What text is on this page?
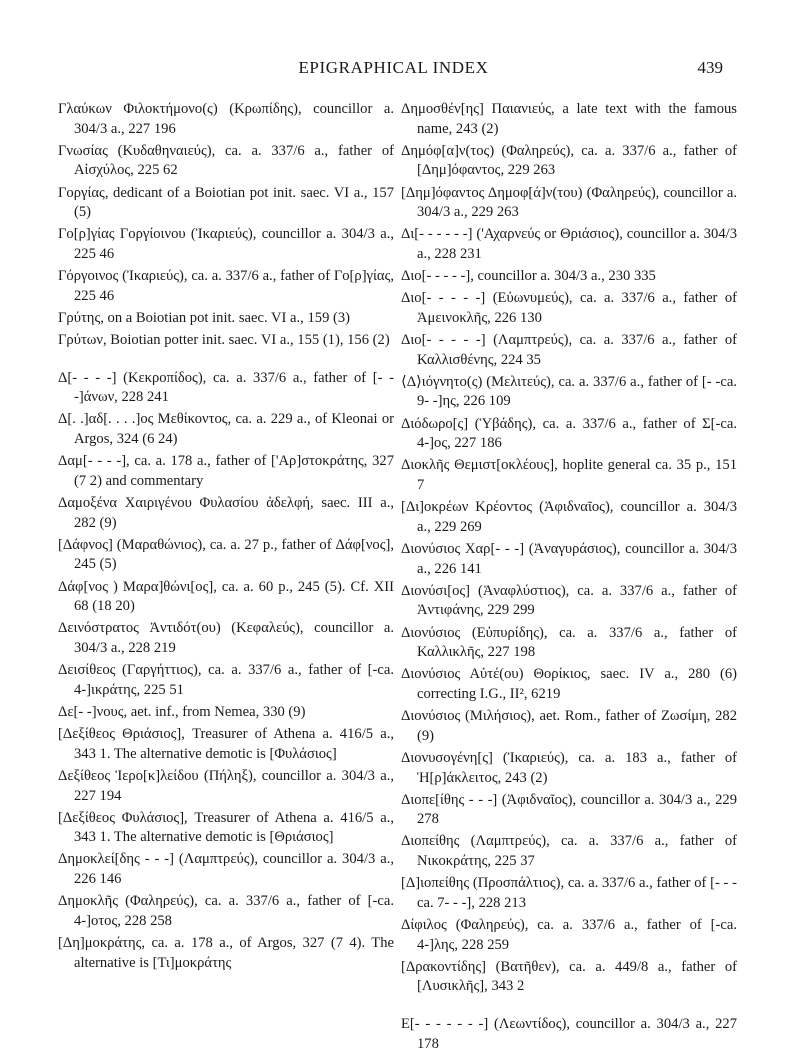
EPIGRAPHICAL INDEX	439

Γλαύκων Φιλοκτήμονο(ς) (Κρωπίδης), councillor a. 304/3 a., 227 196

Γνωσίας (Κυδαθηναιεύς), ca. a. 337/6 a., father of Αἰσχύλος, 225 62

Γοργίας, dedicant of a Boiotian pot init. saec. VI a., 157 (5)

Γο[ρ]γίας Γοργίοινου (Ἰκαριεύς), councillor a. 304/3 a., 225 46

Γόργοινος (Ἰκαριεύς), ca. a. 337/6 a., father of Γο[ρ]γίας, 225 46

Γρύτης, on a Boiotian pot init. saec. VI a., 159 (3)

Γρύτων, Boiotian potter init. saec. VI a., 155 (1), 156 (2)

Δ[- - - -] (Κεκροπίδος), ca. a. 337/6 a., father of [- - -]άνων, 228 241

Δ[. .]αδ[. . . .]ος Μεθίκοντος, ca. a. 229 a., of Kleonai or Argos, 324 (6 24)

Δαμ[- - - -], ca. a. 178 a., father of ['Αρ]στοκράτης, 327 (7 2) and commentary

Δαμοξένα Χαιριγένου Φυλασίου ἀδελφή, saec. III a., 282 (9)

[Δάφνος] (Μαραθώνιος), ca. a. 27 p., father of Δάφ[νος], 245 (5)

Δάφ[νος ) Μαρα]θώνι[ος], ca. a. 60 p., 245 (5). Cf. XII 68 (18 20)

Δεινόστρατος Ἀντιδότ(ου) (Κεφαλεύς), councillor a. 304/3 a., 228 219

Δεισίθεος (Γαργήττιος), ca. a. 337/6 a., father of [-ca. 4-]ικράτης, 225 51

Δε[- -]νους, aet. inf., from Nemea, 330 (9)

[Δεξίθεος Θριάσιος], Treasurer of Athena a. 416/5 a., 343 1. The alternative demotic is [Φυλάσιος]

Δεξίθεος Ἱερο[κ]λείδου (Πήληξ), councillor a. 304/3 a., 227 194

[Δεξίθεος Φυλάσιος], Treasurer of Athena a. 416/5 a., 343 1. The alternative demotic is [Θριάσιος]

Δημοκλεί[δης - - -] (Λαμπτρεύς), councillor a. 304/3 a., 226 146

Δημοκλῆς (Φαληρεύς), ca. a. 337/6 a., father of [-ca. 4-]οτος, 228 258

[Δη]μοκράτης, ca. a. 178 a., of Argos, 327 (7 4). The alternative is [Τι]μοκράτης

Δημοσθέν[ης] Παιανιεύς, a late text with the famous name, 243 (2)

Δημόφ[α]ν(τος) (Φαληρεύς), ca. a. 337/6 a., father of [Δημ]όφαντος, 229 263

[Δημ]όφαντος Δημοφ[ά]ν(του) (Φαληρεύς), councillor a. 304/3 a., 229 263

Δι[- - - - - -] ('Αχαρνεύς or Θριάσιος), councillor a. 304/3 a., 228 231

Διο[- - - - -], councillor a. 304/3 a., 230 335

Διο[- - - - -] (Εὐωνυμεύς), ca. a. 337/6 a., father of Ἀμεινοκλῆς, 226 130

Διο[- - - - -] (Λαμπτρεύς), ca. a. 337/6 a., father of Καλλισθένης, 224 35

⟨Δ⟩ιόγνητο(ς) (Μελιτεύς), ca. a. 337/6 a., father of [- -ca. 9- -]ης, 226 109

Διόδωρο[ς] (Ὑβάδης), ca. a. 337/6 a., father of Σ[-ca. 4-]ος, 227 186

Διοκλῆς Θεμιστ[οκλέους], hoplite general ca. 35 p., 151 7

[Δι]οκρέων Κρέοντος (Ἀφιδναῖος), councillor a. 304/3 a., 229 269

Διονύσιος Χαρ[- - -] (Ἀναγυράσιος), councillor a. 304/3 a., 226 141

Διονύσι[ος] (Ἀναφλύστιος), ca. a. 337/6 a., father of Ἀντιφάνης, 229 299

Διονύσιος (Εὐπυρίδης), ca. a. 337/6 a., father of Καλλικλῆς, 227 198

Διονύσιος Αὐτέ(ου) Θορίκιος, saec. IV a., 280 (6) correcting I.G., II², 6219

Διονύσιος (Μιλήσιος), aet. Rom., father of Ζωσίμη, 282 (9)

Διονυσογένη[ς] (Ἰκαριεύς), ca. a. 183 a., father of Ἡ[ρ]άκλειτος, 243 (2)

Διοπε[ίθης - - -] (Ἀφιδναῖος), councillor a. 304/3 a., 229 278

Διοπείθης (Λαμπτρεύς), ca. a. 337/6 a., father of Νικοκράτης, 225 37

[Δ]ιοπείθης (Προσπάλτιος), ca. a. 337/6 a., father of [- - -ca. 7- - -], 228 213

Δίφιλος (Φαληρεύς), ca. a. 337/6 a., father of [-ca. 4-]λης, 228 259

[Δρακοντίδης] (Βατῆθεν), ca. a. 449/8 a., father of [Λυσικλῆς], 343 2

Ε[- - - - - - -] (Λεωντίδος), councillor a. 304/3 a., 227 178
